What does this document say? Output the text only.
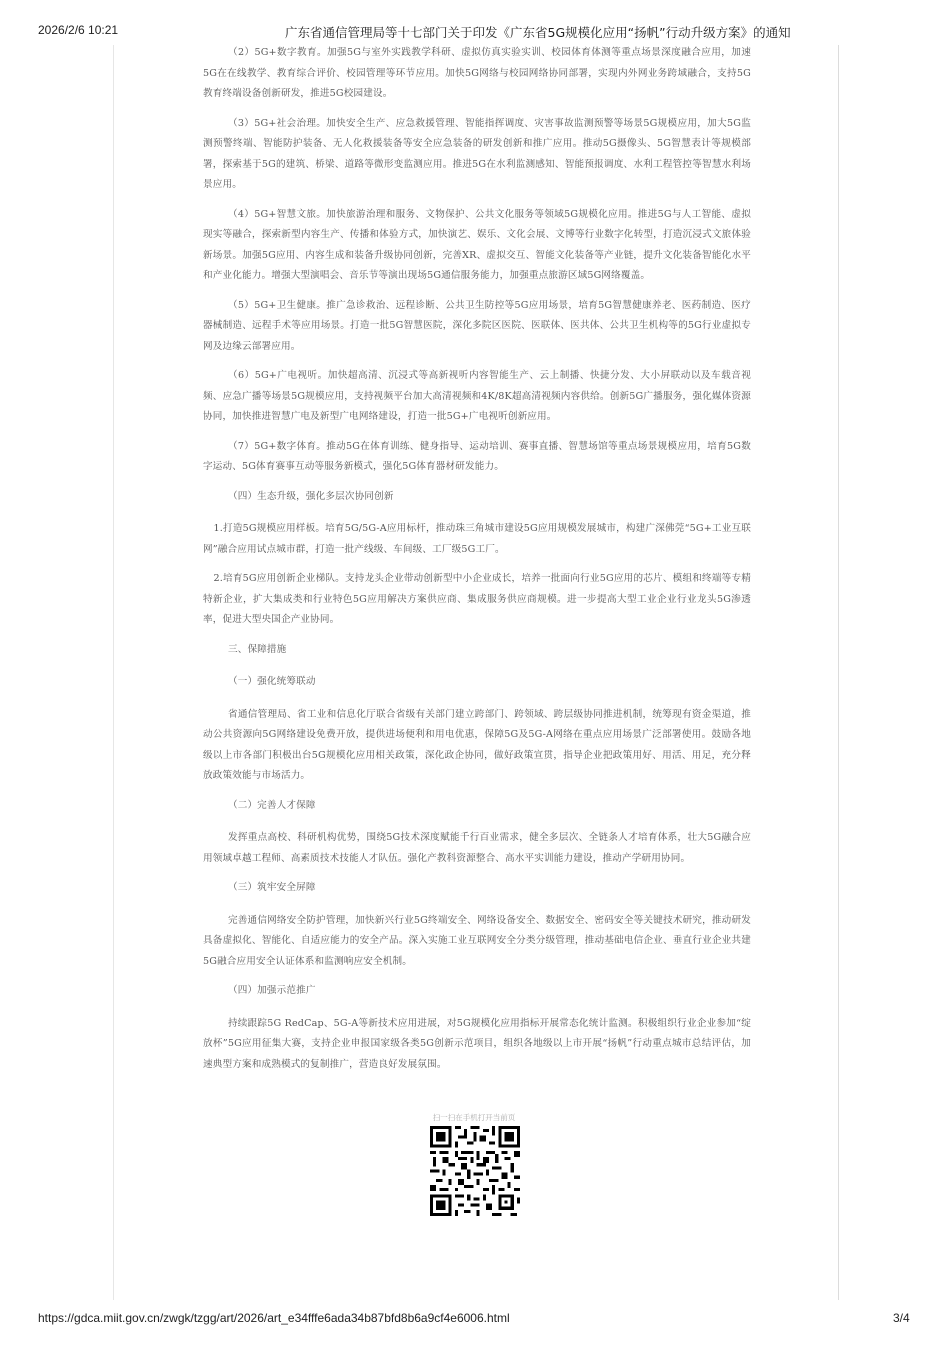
2026/2/6 10:21	广东省通信管理局等十七部门关于印发《广东省5G规模化应用“扬帆”行动升级方案》的通知

（2）5G+数字教育。加强5G与室外实践教学科研、虚拟仿真实验实训、校园体育体测等重点场景深度融合应用，加速5G在在线教学、教育综合评价、校园管理等环节应用。加快5G网络与校园网络协同部署，实现内外网业务跨域融合，支持5G教育终端设备创新研发，推进5G校园建设。

（3）5G+社会治理。加快安全生产、应急救援管理、智能指挥调度、灾害事故监测预警等场景5G规模应用，加大5G监测预警终端、智能防护装备、无人化救援装备等安全应急装备的研发创新和推广应用。推动5G摄像头、5G智慧表计等规模部署，探索基于5G的建筑、桥梁、道路等微形变监测应用。推进5G在水利监测感知、智能预报调度、水利工程管控等智慧水利场景应用。

（4）5G+智慧文旅。加快旅游治理和服务、文物保护、公共文化服务等领域5G规模化应用。推进5G与人工智能、虚拟现实等融合，探索新型内容生产、传播和体验方式，加快演艺、娱乐、文化会展、文博等行业数字化转型，打造沉浸式文旅体验新场景。加强5G应用、内容生成和装备升级协同创新，完善XR、虚拟交互、智能文化装备等产业链，提升文化装备智能化水平和产业化能力。增强大型演唱会、音乐节等演出现场5G通信服务能力，加强重点旅游区域5G网络覆盖。

（5）5G+卫生健康。推广急诊救治、远程诊断、公共卫生防控等5G应用场景，培育5G智慧健康养老、医药制造、医疗器械制造、远程手术等应用场景。打造一批5G智慧医院，深化多院区医院、医联体、医共体、公共卫生机构等的5G行业虚拟专网及边缘云部署应用。

（6）5G+广电视听。加快超高清、沉浸式等高新视听内容智能生产、云上制播、快捷分发、大小屏联动以及车载音视频、应急广播等场景5G规模应用，支持视频平台加大高清视频和4K/8K超高清视频内容供给。创新5G广播服务，强化媒体资源协同，加快推进智慧广电及新型广电网络建设，打造一批5G+广电视听创新应用。

（7）5G+数字体育。推动5G在体育训练、健身指导、运动培训、赛事直播、智慧场馆等重点场景规模应用，培育5G数字运动、5G体育赛事互动等服务新模式，强化5G体育器材研发能力。

（四）生态升级，强化多层次协同创新

1.打造5G规模应用样板。培育5G/5G-A应用标杆，推动珠三角城市建设5G应用规模发展城市，构建广深佛莞“5G+工业互联网”融合应用试点城市群，打造一批产线级、车间级、工厂级5G工厂。

2.培育5G应用创新企业梯队。支持龙头企业带动创新型中小企业成长，培养一批面向行业5G应用的芯片、模组和终端等专精特新企业，扩大集成类和行业特色5G应用解决方案供应商、集成服务供应商规模。进一步提高大型工业企业行业龙头5G渗透率，促进大型央国企产业协同。

三、保障措施

（一）强化统筹联动

省通信管理局、省工业和信息化厅联合省级有关部门建立跨部门、跨领域、跨层级协同推进机制，统筹现有资金渠道，推动公共资源向5G网络建设免费开放，提供进场便利和用电优惠，保障5G及5G-A网络在重点应用场景广泛部署使用。鼓励各地级以上市各部门积极出台5G规模化应用相关政策，深化政企协同，做好政策宣贯，指导企业把政策用好、用活、用足，充分释放政策效能与市场活力。

（二）完善人才保障

发挥重点高校、科研机构优势，围绕5G技术深度赋能千行百业需求，健全多层次、全链条人才培育体系，壮大5G融合应用领域卓越工程师、高素质技术技能人才队伍。强化产教科资源整合、高水平实训能力建设，推动产学研用协同。

（三）筑牢安全屏障

完善通信网络安全防护管理，加快新兴行业5G终端安全、网络设备安全、数据安全、密码安全等关键技术研究，推动研发具备虚拟化、智能化、自适应能力的安全产品。深入实施工业互联网安全分类分级管理，推动基础电信企业、垂直行业企业共建5G融合应用安全认证体系和监测响应安全机制。

（四）加强示范推广

持续跟踪5G RedCap、5G-A等新技术应用进展，对5G规模化应用指标开展常态化统计监测。积极组织行业企业参加“绽放杯”5G应用征集大赛，支持企业申报国家级各类5G创新示范项目，组织各地级以上市开展“扬帆”行动重点城市总结评估，加速典型方案和成熟模式的复制推广，营造良好发展氛围。

扫一扫在手机打开当前页
https://gdca.miit.gov.cn/zwgk/tzgg/art/2026/art_e34fffe6ada34b87bfd8b6a9cf4e6006.html	3/4
